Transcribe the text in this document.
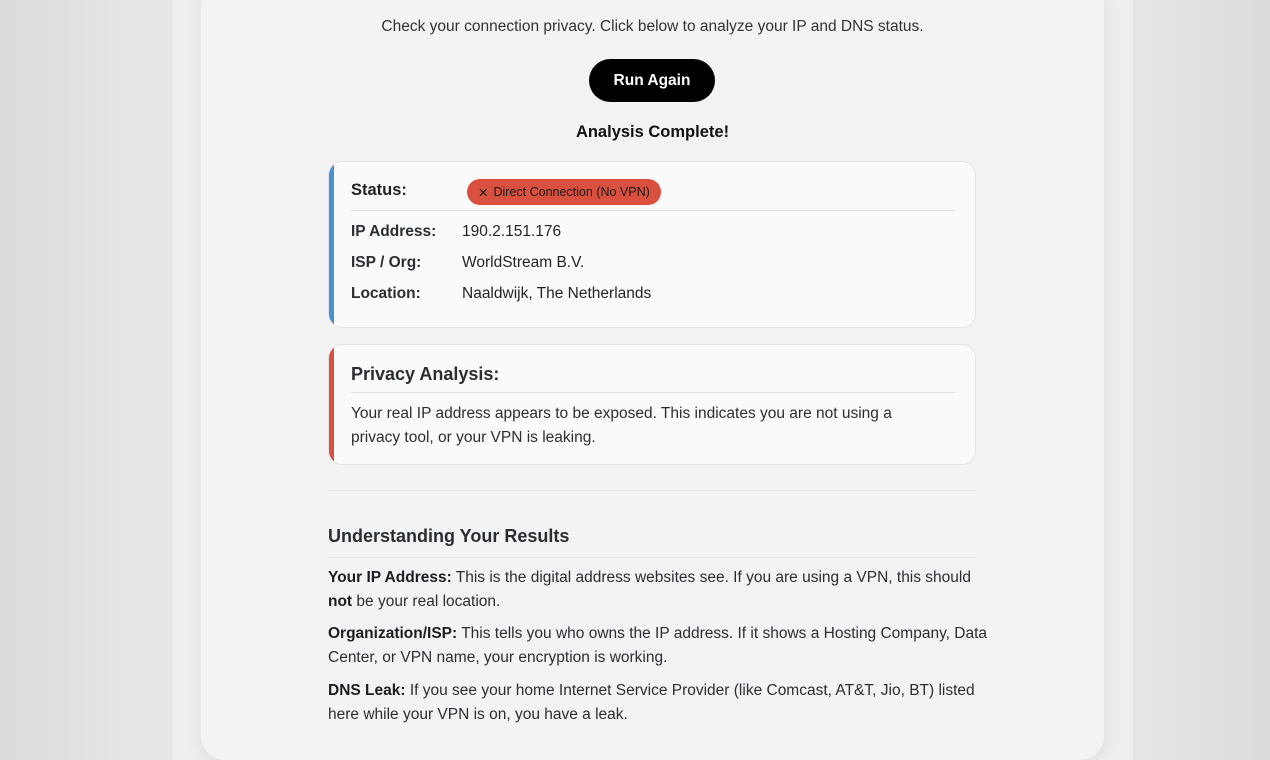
Check your connection privacy. Click below to analyze your IP and DNS status.

Run Again

Analysis Complete!

Status:	✕ Direct Connection (No VPN)
IP Address:	190.2.151.176
ISP / Org:	WorldStream B.V.
Location:	Naaldwijk, The Netherlands
Privacy Analysis:

Your real IP address appears to be exposed. This indicates you are not using a privacy tool, or your VPN is leaking.

Understanding Your Results

Your IP Address: This is the digital address websites see. If you are using a VPN, this should not be your real location.

Organization/ISP: This tells you who owns the IP address. If it shows a Hosting Company, Data Center, or VPN name, your encryption is working.

DNS Leak: If you see your home Internet Service Provider (like Comcast, AT&T, Jio, BT) listed here while your VPN is on, you have a leak.
